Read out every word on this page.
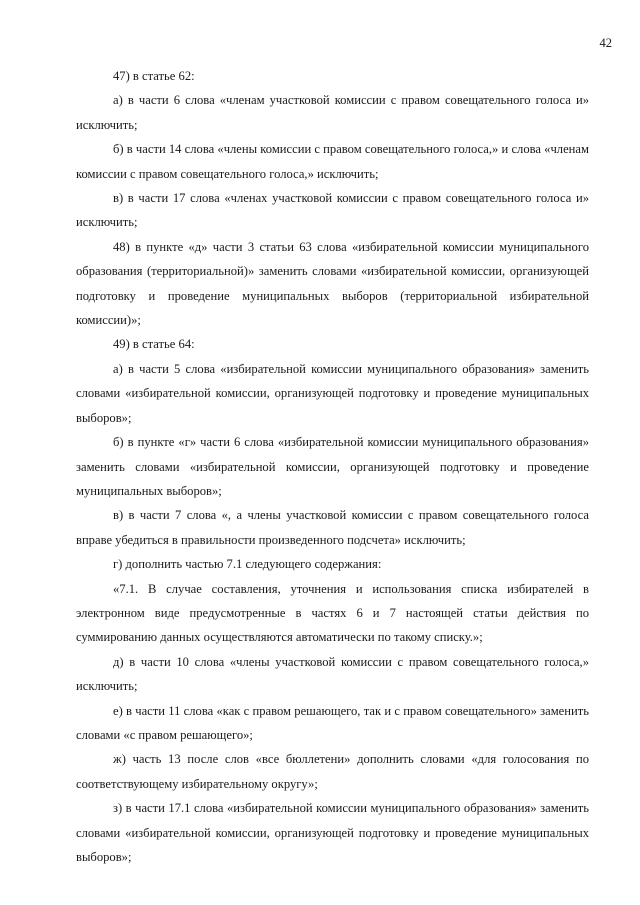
42

47) в статье 62:

а) в части 6 слова «членам участковой комиссии с правом совещательного голоса и» исключить;

б) в части 14 слова «члены комиссии с правом совещательного голоса,» и слова «членам комиссии с правом совещательного голоса,» исключить;

в) в части 17 слова «членах участковой комиссии с правом совещательного голоса и» исключить;

48) в пункте «д» части 3 статьи 63 слова «избирательной комиссии муниципального образования (территориальной)» заменить словами «избирательной комиссии, организующей подготовку и проведение муниципальных выборов (территориальной избирательной комиссии)»;

49) в статье 64:

а) в части 5 слова «избирательной комиссии муниципального образования» заменить словами «избирательной комиссии, организующей подготовку и проведение муниципальных выборов»;

б) в пункте «г» части 6 слова «избирательной комиссии муниципального образования» заменить словами «избирательной комиссии, организующей подготовку и проведение муниципальных выборов»;

в) в части 7 слова «, а члены участковой комиссии с правом совещательного голоса вправе убедиться в правильности произведенного подсчета» исключить;

г) дополнить частью 7.1 следующего содержания:

«7.1. В случае составления, уточнения и использования списка избирателей в электронном виде предусмотренные в частях 6 и 7 настоящей статьи действия по суммированию данных осуществляются автоматически по такому списку.»;

д) в части 10 слова «члены участковой комиссии с правом совещательного голоса,» исключить;

е) в части 11 слова «как с правом решающего, так и с правом совещательного» заменить словами «с правом решающего»;

ж) часть 13 после слов «все бюллетени» дополнить словами «для голосования по соответствующему избирательному округу»;

з) в части 17.1 слова «избирательной комиссии муниципального образования» заменить словами «избирательной комиссии, организующей подготовку и проведение муниципальных выборов»;
